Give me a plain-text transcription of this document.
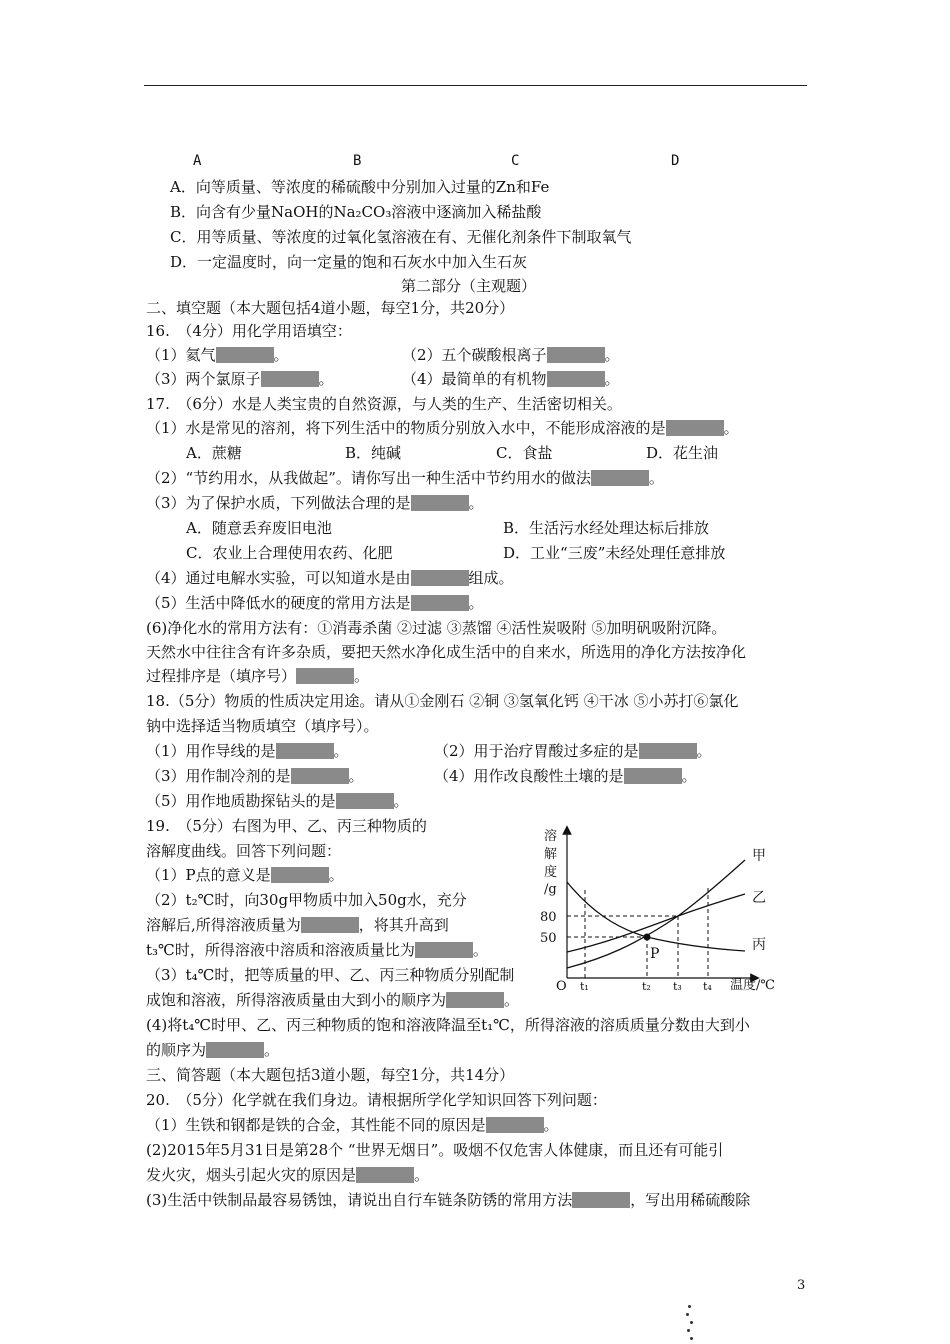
A	B	C	D
A．向等质量、等浓度的稀硫酸中分别加入过量的Zn和Fe
B．向含有少量NaOH的Na₂CO₃溶液中逐滴加入稀盐酸
C．用等质量、等浓度的过氧化氢溶液在有、无催化剂条件下制取氧气
D．一定温度时，向一定量的饱和石灰水中加入生石灰
第二部分（主观题）
二、填空题（本大题包括4道小题，每空1分，共20分）
16.　（4分）用化学用语填空：
（1）氦气	。	（2）五个碳酸根离子	。
（3）两个氯原子	。	（4）最简单的有机物	。
17.　（6分）水是人类宝贵的自然资源，与人类的生产、生活密切相关。
（1）水是常见的溶剂，将下列生活中的物质分别放入水中，不能形成溶液的是	。
A．蔗糖	B．纯碱	C．食盐	D．花生油
（2）“节约用水，从我做起”。请你写出一种生活中节约用水的做法	。
（3）为了保护水质，下列做法合理的是	。
A．随意丢弃废旧电池	B．生活污水经处理达标后排放
C．农业上合理使用农药、化肥	D．工业“三废”未经处理任意排放
（4）通过电解水实验，可以知道水是由	组成。
（5）生活中降低水的硬度的常用方法是	。
(6)净化水的常用方法有：①消毒杀菌 ②过滤 ③蒸馏 ④活性炭吸附 ⑤加明矾吸附沉降。
天然水中往往含有许多杂质，要把天然水净化成生活中的自来水，所选用的净化方法按净化
过程排序是（填序号）	。
18.（5分）物质的性质决定用途。请从①金刚石 ②铜 ③氢氧化钙 ④干冰 ⑤小苏打⑥氯化
钠中选择适当物质填空（填序号）。
（1）用作导线的是	。	（2）用于治疗胃酸过多症的是	。
（3）用作制冷剂的是	。	（4）用作改良酸性土壤的是	。
（5）用作地质勘探钻头的是	。
19.　（5分）右图为甲、乙、丙三种物质的
溶解度曲线。回答下列问题：
（1）P点的意义是	。
（2）t₂℃时，向30g甲物质中加入50g水，充分
溶解后,所得溶液质量为	，将其升高到
t₃℃时，所得溶液中溶质和溶液质量比为	。
（3）t₄℃时，把等质量的甲、乙、丙三种物质分别配制
成饱和溶液，所得溶液质量由大到小的顺序为	。
(4)将t₄℃时甲、乙、丙三种物质的饱和溶液降温至t₁℃，所得溶液的溶质质量分数由大到小
的顺序为	。
溶
解
度
/g
80
50
O t₁	t₂ t₃ t₄ 温度/℃
P
甲
乙
丙
三、简答题（本大题包括3道小题，每空1分，共14分）
20.　（5分）化学就在我们身边。请根据所学化学知识回答下列问题：
（1）生铁和钢都是铁的合金，其性能不同的原因是	。
(2)2015年5月31日是第28个 “世界无烟日”。吸烟不仅危害人体健康，而且还有可能引
发火灾，烟头引起火灾的原因是	。
(3)生活中铁制品最容易锈蚀，请说出自行车链条防锈的常用方法	，写出用稀硫酸除
3
